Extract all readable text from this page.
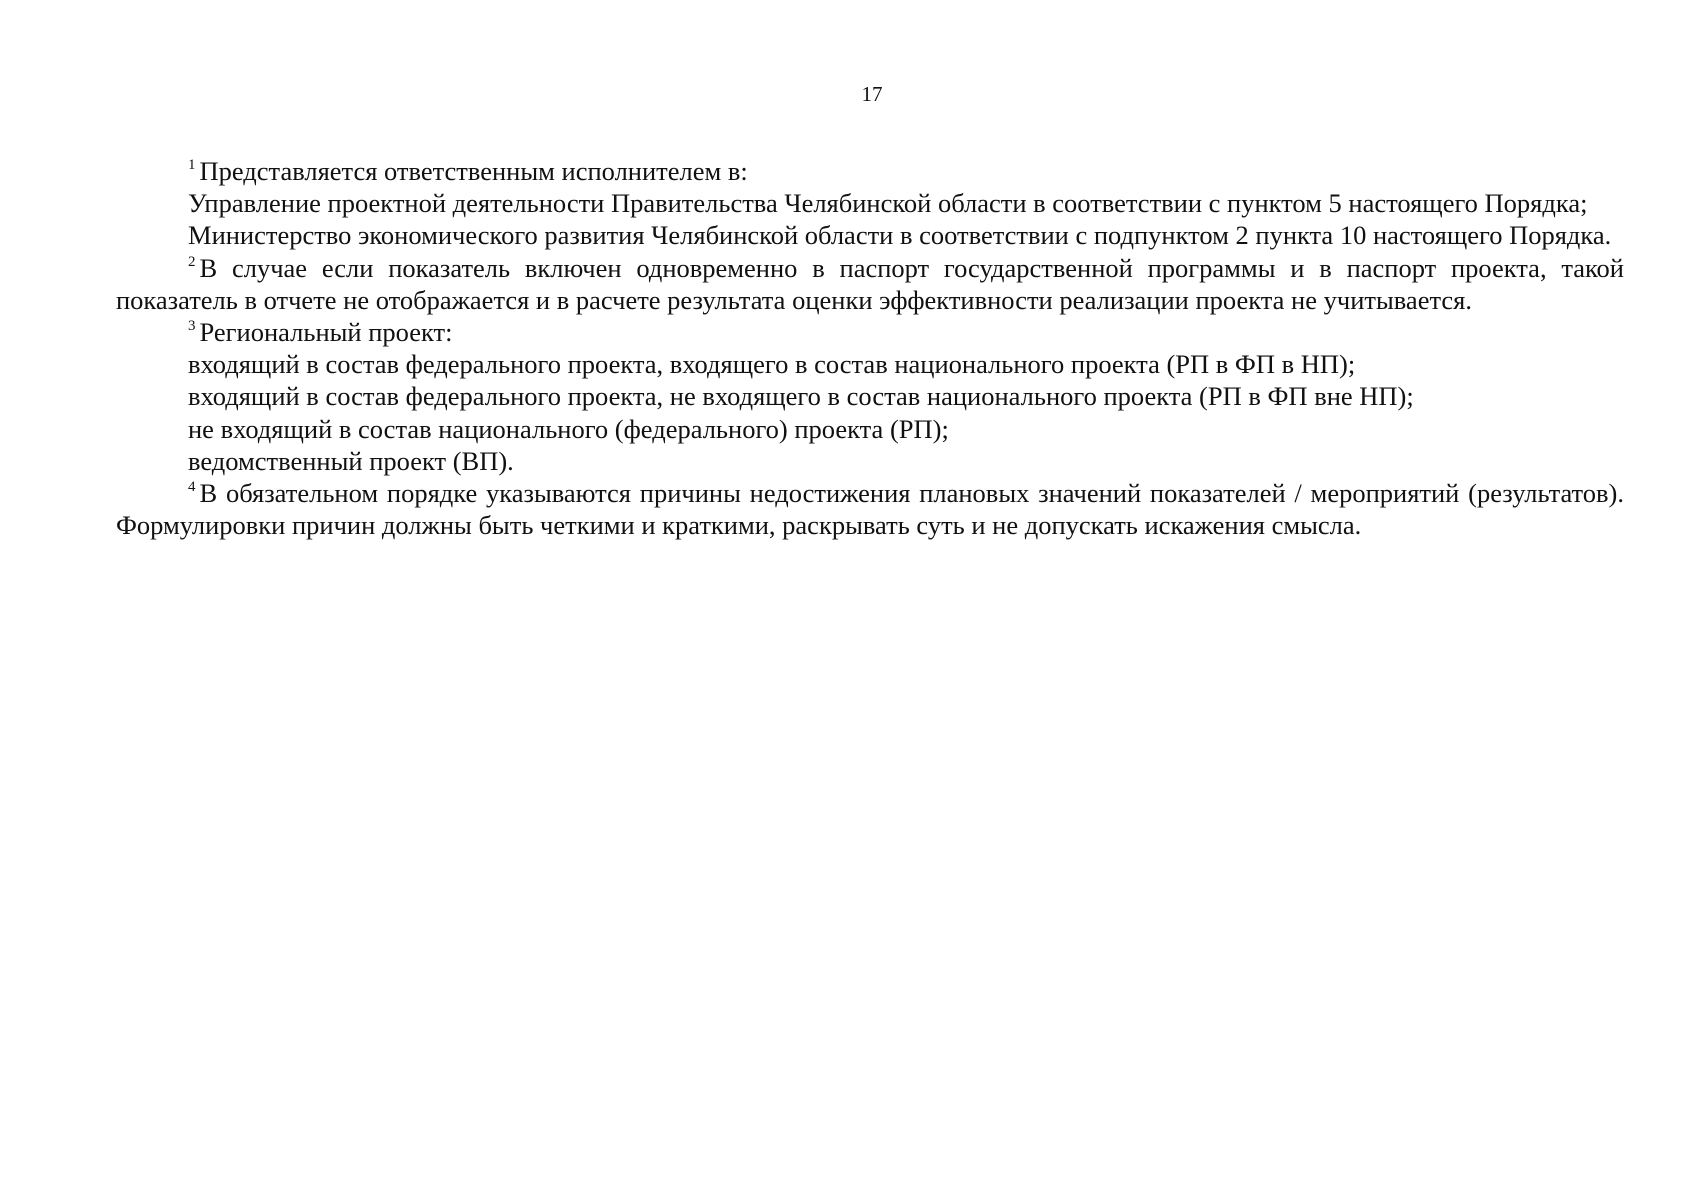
17

$^1$ Представляется ответственным исполнителем в:

Управление проектной деятельности Правительства Челябинской области в соответствии с пунктом 5 настоящего Порядка;

Министерство экономического развития Челябинской области в соответствии с подпунктом 2 пункта 10 настоящего Порядка.

$^2$ В случае если показатель включен одновременно в паспорт государственной программы и в паспорт проекта, такой показатель в отчете не отображается и в расчете результата оценки эффективности реализации проекта не учитывается.

$^3$ Региональный проект:

входящий в состав федерального проекта, входящего в состав национального проекта (РП в ФП в НП);

входящий в состав федерального проекта, не входящего в состав национального проекта (РП в ФП вне НП);

не входящий в состав национального (федерального) проекта (РП);

ведомственный проект (ВП).

$^4$ В обязательном порядке указываются причины недостижения плановых значений показателей / мероприятий (результатов). Формулировки причин должны быть четкими и краткими, раскрывать суть и не допускать искажения смысла.
